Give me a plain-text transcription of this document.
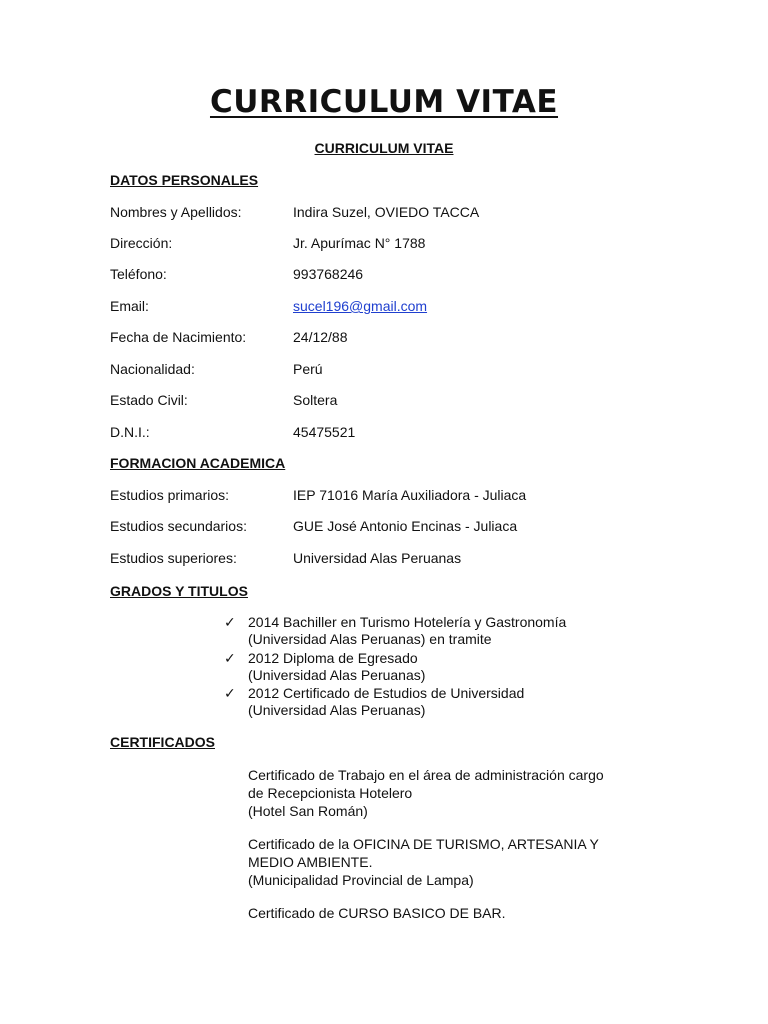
CURRICULUM VITAE
CURRICULUM VITAE
DATOS PERSONALES
Nombres y Apellidos:	Indira Suzel, OVIEDO TACCA
Dirección:	Jr. Apurímac N° 1788
Teléfono:	993768246
Email:	sucel196@gmail.com
Fecha de Nacimiento:	24/12/88
Nacionalidad:	Perú
Estado Civil:	Soltera
D.N.I.:	45475521
FORMACION ACADEMICA
Estudios primarios:	IEP 71016 María Auxiliadora - Juliaca
Estudios secundarios:	GUE José Antonio Encinas - Juliaca
Estudios superiores:	Universidad Alas Peruanas
GRADOS Y TITULOS
✓ 2014 Bachiller en Turismo Hotelería y Gastronomía
(Universidad Alas Peruanas) en tramite
✓ 2012 Diploma de Egresado
(Universidad Alas Peruanas)
✓ 2012 Certificado de Estudios de Universidad
(Universidad Alas Peruanas)
CERTIFICADOS
Certificado de Trabajo en el área de administración cargo
de Recepcionista Hotelero
(Hotel San Román)
Certificado de la OFICINA DE TURISMO, ARTESANIA Y
MEDIO AMBIENTE.
(Municipalidad Provincial de Lampa)
Certificado de CURSO BASICO DE BAR.
